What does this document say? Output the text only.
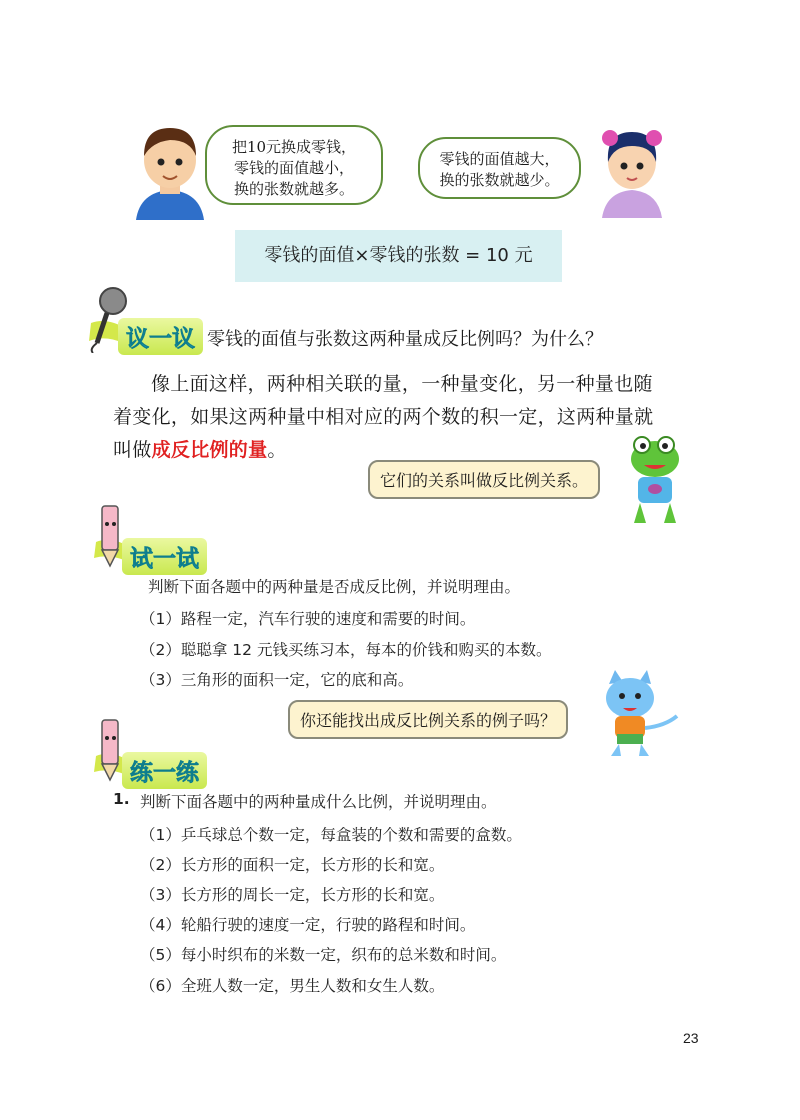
把10元换成零钱，
零钱的面值越小，
换的张数就越多。
零钱的面值越大，
换的张数就越少。
零钱的面值×零钱的张数 = 10 元
议一议 零钱的面值与张数这两种量成反比例吗？为什么？
像上面这样，两种相关联的量，一种量变化，另一种量也随
着变化，如果这两种量中相对应的两个数的积一定，这两种量就
叫做成反比例的量。
它们的关系叫做反比例关系。
试一试
判断下面各题中的两种量是否成反比例，并说明理由。
（1）路程一定，汽车行驶的速度和需要的时间。
（2）聪聪拿 12 元钱买练习本，每本的价钱和购买的本数。
（3）三角形的面积一定，它的底和高。
你还能找出成反比例关系的例子吗？
练一练
1. 判断下面各题中的两种量成什么比例，并说明理由。
（1）乒乓球总个数一定，每盒装的个数和需要的盒数。
（2）长方形的面积一定，长方形的长和宽。
（3）长方形的周长一定，长方形的长和宽。
（4）轮船行驶的速度一定，行驶的路程和时间。
（5）每小时织布的米数一定，织布的总米数和时间。
（6）全班人数一定，男生人数和女生人数。
23
